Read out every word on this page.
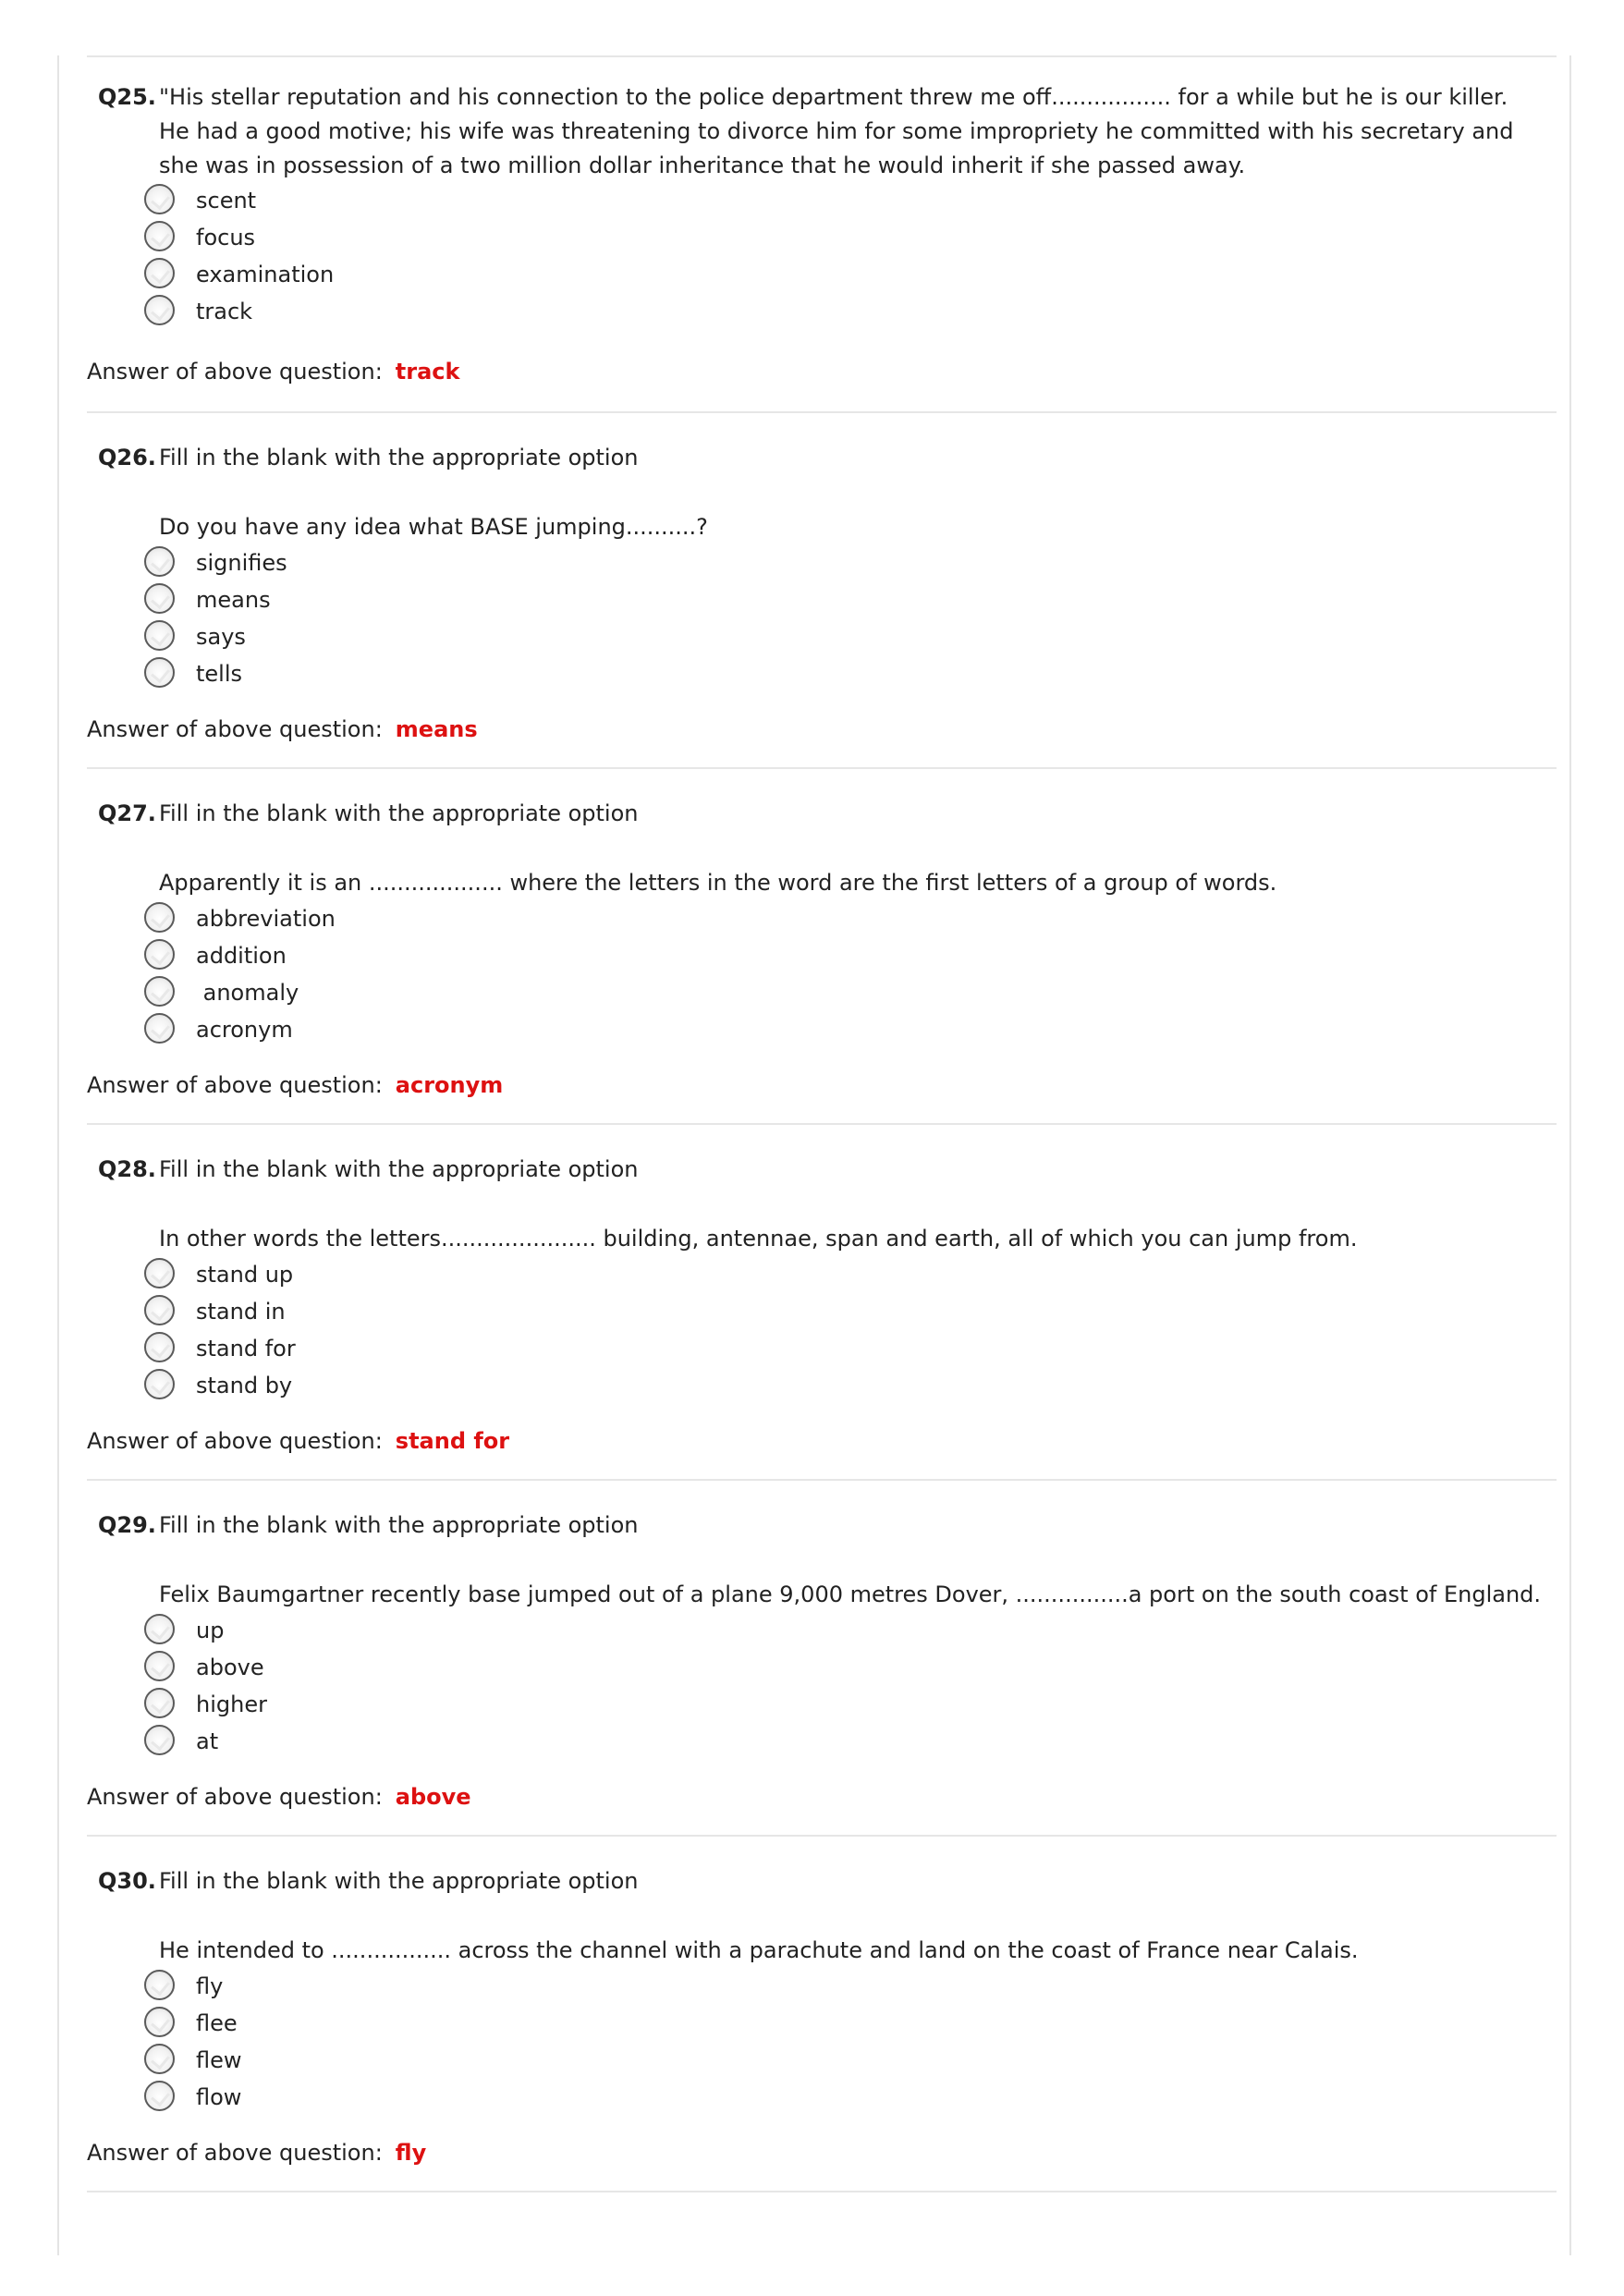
Q25. "His stellar reputation and his connection to the police department threw me off................. for a while but he is our killer. He had a good motive; his wife was threatening to divorce him for some impropriety he committed with his secretary and she was in possession of a two million dollar inheritance that he would inherit if she passed away.
scent
focus
examination
track
Answer of above question: track
Q26. Fill in the blank with the appropriate option
Do you have any idea what BASE jumping..........?
signifies
means
says
tells
Answer of above question: means
Q27. Fill in the blank with the appropriate option
Apparently it is an ................... where the letters in the word are the first letters of a group of words.
abbreviation
addition
anomaly
acronym
Answer of above question: acronym
Q28. Fill in the blank with the appropriate option
In other words the letters...................... building, antennae, span and earth, all of which you can jump from.
stand up
stand in
stand for
stand by
Answer of above question: stand for
Q29. Fill in the blank with the appropriate option
Felix Baumgartner recently base jumped out of a plane 9,000 metres Dover, ................a port on the south coast of England.
up
above
higher
at
Answer of above question: above
Q30. Fill in the blank with the appropriate option
He intended to ................. across the channel with a parachute and land on the coast of France near Calais.
fly
flee
flew
flow
Answer of above question: fly
